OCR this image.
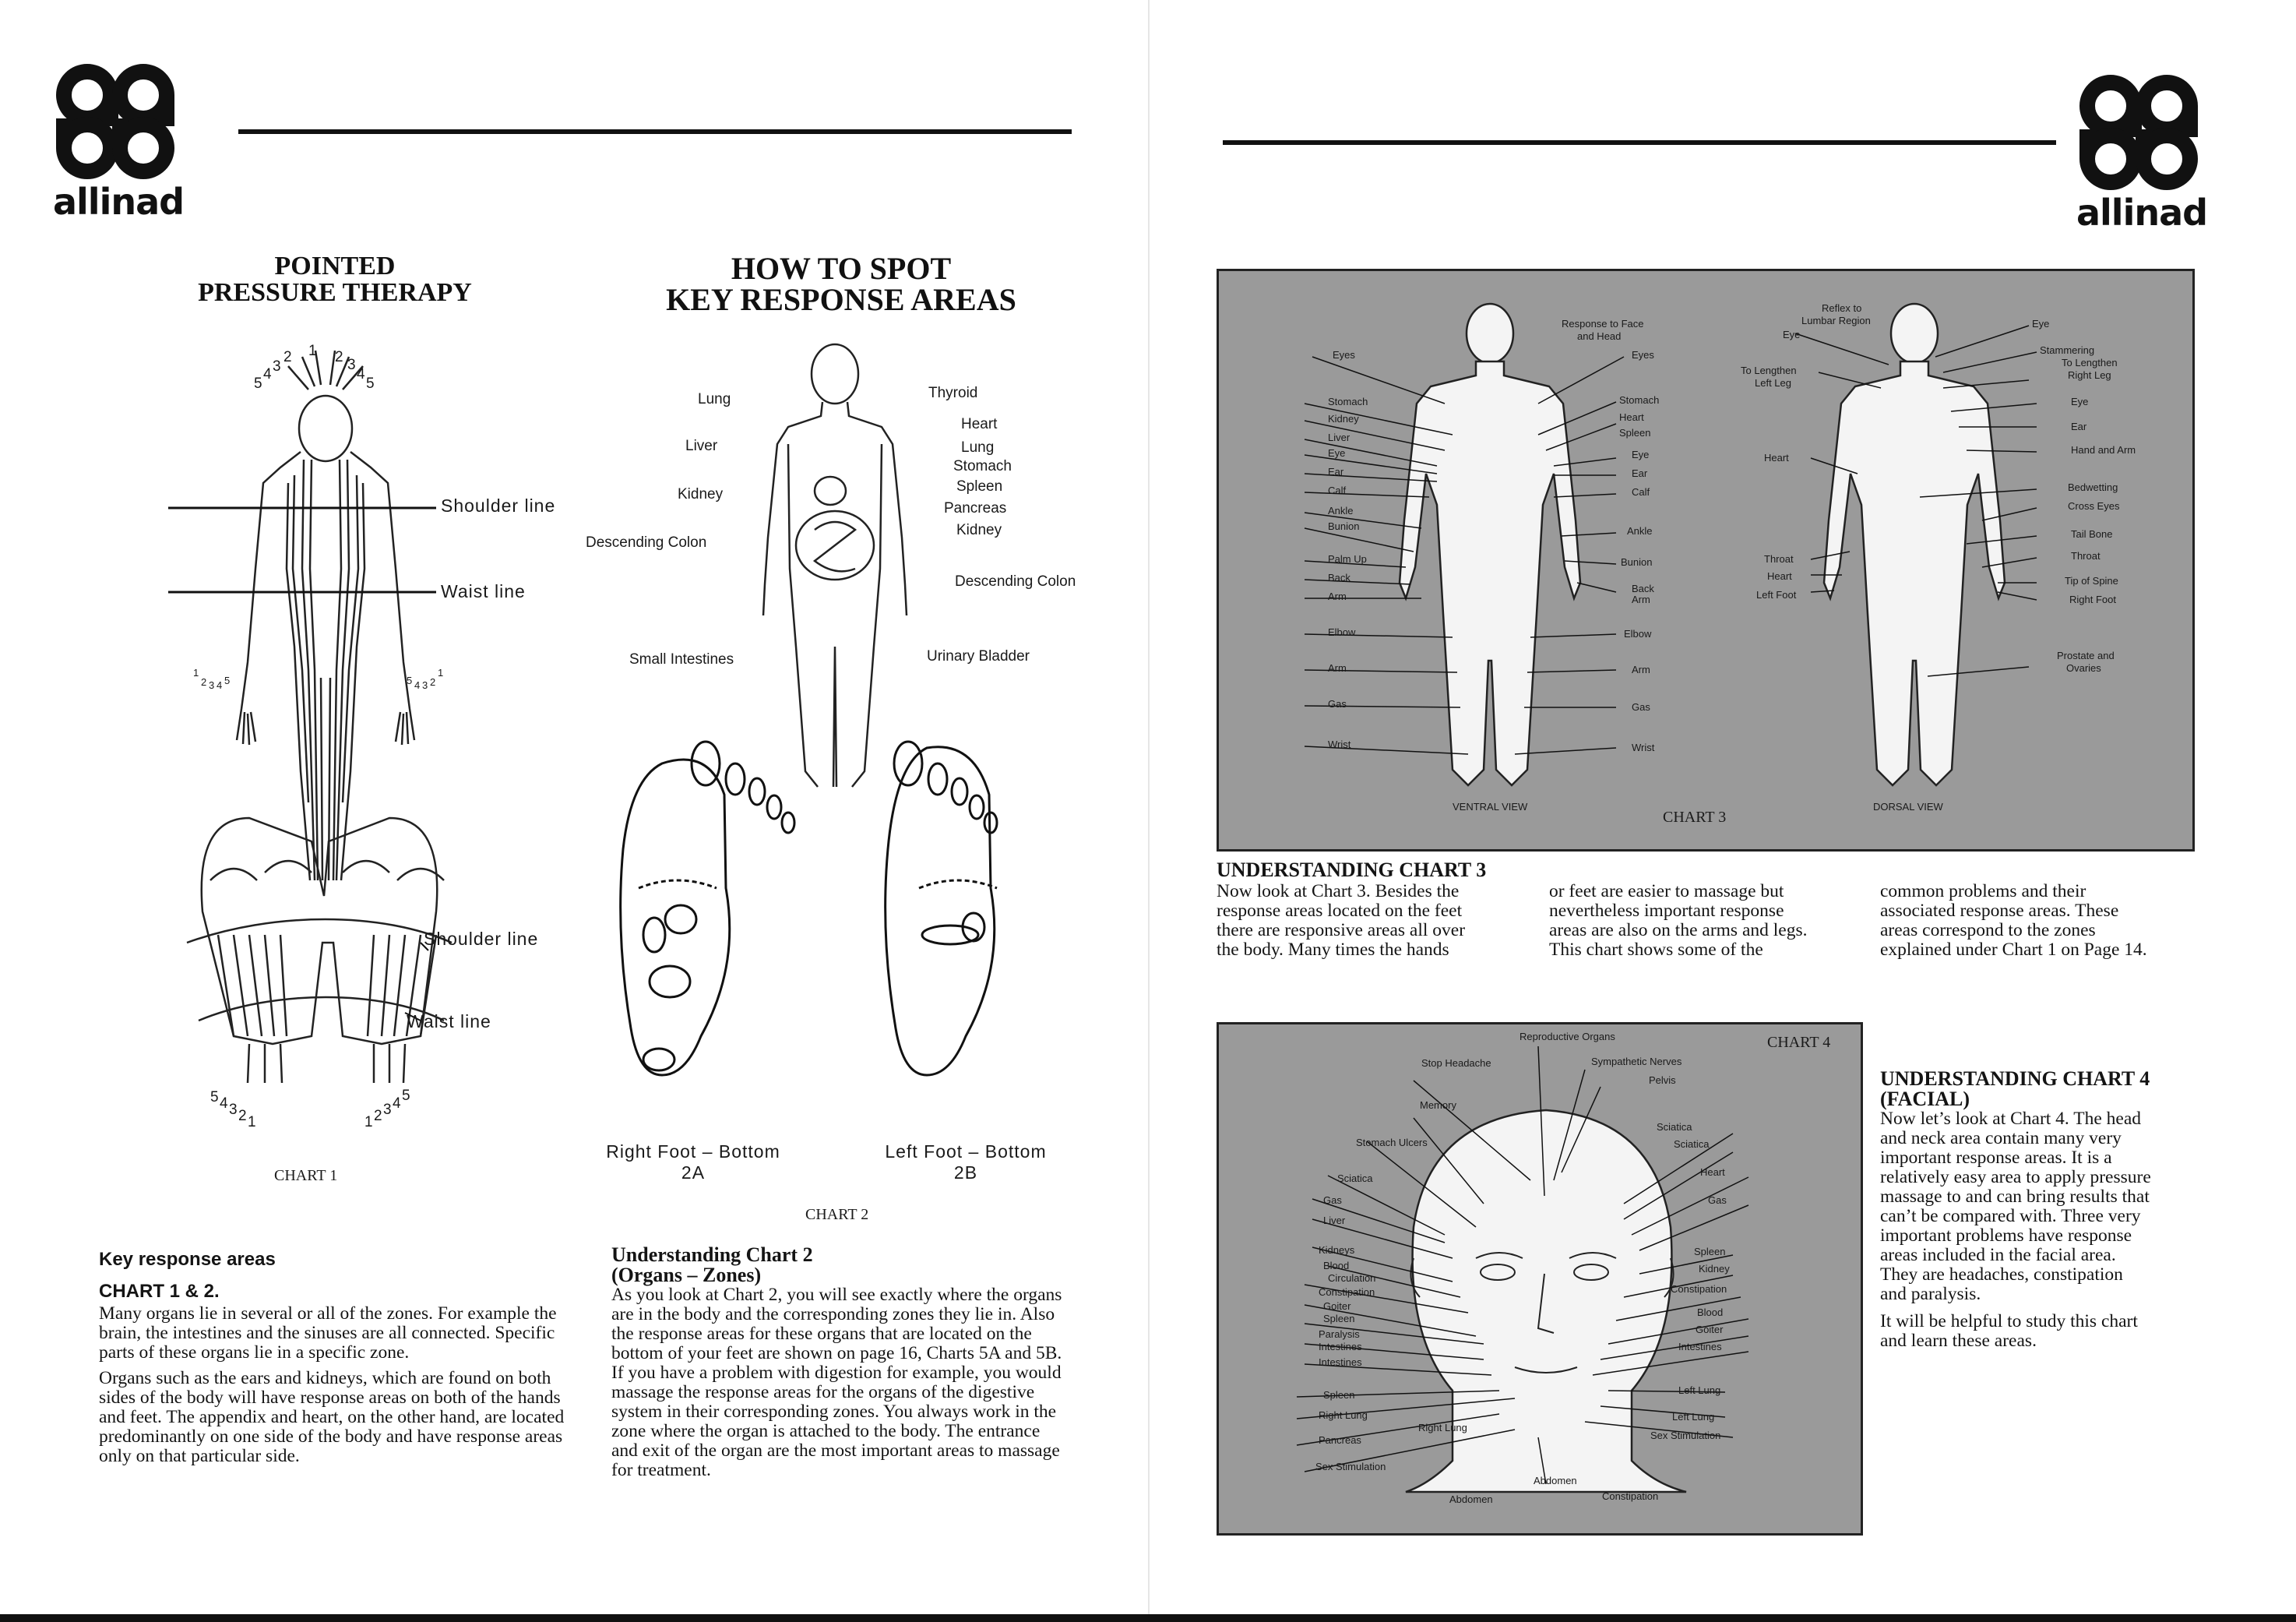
allinad
POINTED
PRESSURE THERAPY
HOW TO SPOT
KEY RESPONSE AREAS
Shoulder line
Waist line
Shoulder line
Waist line
5
4 3
2 1 2 3
4
5
1
2 3 4 5	5 4 3 2
1
5 4 3 2 1	1 2 3 4 5
CHART 1
Lung
Liver
Kidney
Descending Colon
Small Intestines
Thyroid
Heart
Lung
Stomach
Spleen
Pancreas
Kidney
Descending Colon
Urinary Bladder
Right Foot – Bottom
2A
Left Foot – Bottom
2B
CHART 2
Key response areas
CHART 1 & 2.

Many organs lie in several or all of the zones. For example the brain, the intestines and the sinuses are all connected. Specific parts of these organs lie in a specific zone.

Organs such as the ears and kidneys, which are found on both sides of the body will have response areas on both of the hands and feet. The appendix and heart, on the other hand, are located predominantly on one side of the body and have response areas only on that particular side.

Understanding Chart 2
(Organs – Zones)

As you look at Chart 2, you will see exactly where the organs are in the body and the corresponding zones they lie in. Also the response areas for these organs that are located on the bottom of your feet are shown on page 16, Charts 5A and 5B. If you have a problem with digestion for example, you would massage the response areas for the organs of the digestive system in their corresponding zones. You always work in the zone where the organ is attached to the body. The entrance and exit of the organ are the most important areas to massage for treatment.

allinad
Eyes
Stomach
Kidney
Liver
Eye
Ear
Calf
Ankle
Bunion
Palm Up
Back
Arm
Elbow
Arm
Gas
Wrist
Response to Face
and Head
Eyes
Stomach
Heart
Spleen
Eye
Ear
Calf
Ankle
Bunion
Back
Arm
Elbow
Arm
Gas
Wrist
Reflex to
Lumbar Region
Eye
To Lengthen
Left Leg
Heart
Throat
Heart
Left Foot
Eye
Stammering
To Lengthen
Right Leg
Eye
Ear
Hand and Arm
Bedwetting
Cross Eyes
Tail Bone
Throat
Tip of Spine
Right Foot
Prostate and
Ovaries
VENTRAL VIEW	DORSAL VIEW
CHART 3
UNDERSTANDING CHART 3
Now look at Chart 3. Besides the
response areas located on the feet
there are responsive areas all over
the body. Many times the hands
or feet are easier to massage but
nevertheless important response
areas are also on the arms and legs.
This chart shows some of the
common problems and their
associated response areas. These
areas correspond to the zones
explained under Chart 1 on Page 14.
CHART 4
Reproductive Organs
Sympathetic Nerves
Pelvis
Stop Headache
Memory
Stomach Ulcers
Sciatica
Gas
Liver
Kidneys
Blood
Circulation
Constipation
Goiter
Spleen
Paralysis
Intestines
Intestines
Spleen
Right Lung
Right Lung
Pancreas
Sex Stimulation
Abdomen
Sciatica
Sciatica
Heart
Gas
Spleen
Kidney
Constipation
Blood
Goiter
Intestines
Left Lung
Left Lung
Sex Stimulation
Abdomen
Constipation
UNDERSTANDING CHART 4
(FACIAL)
Now let’s look at Chart 4. The head
and neck area contain many very
important response areas. It is a
relatively easy area to apply pressure
massage to and can bring results that
can’t be compared with. Three very
important problems have response
areas included in the facial area.
They are headaches, constipation
and paralysis.
It will be helpful to study this chart
and learn these areas.
